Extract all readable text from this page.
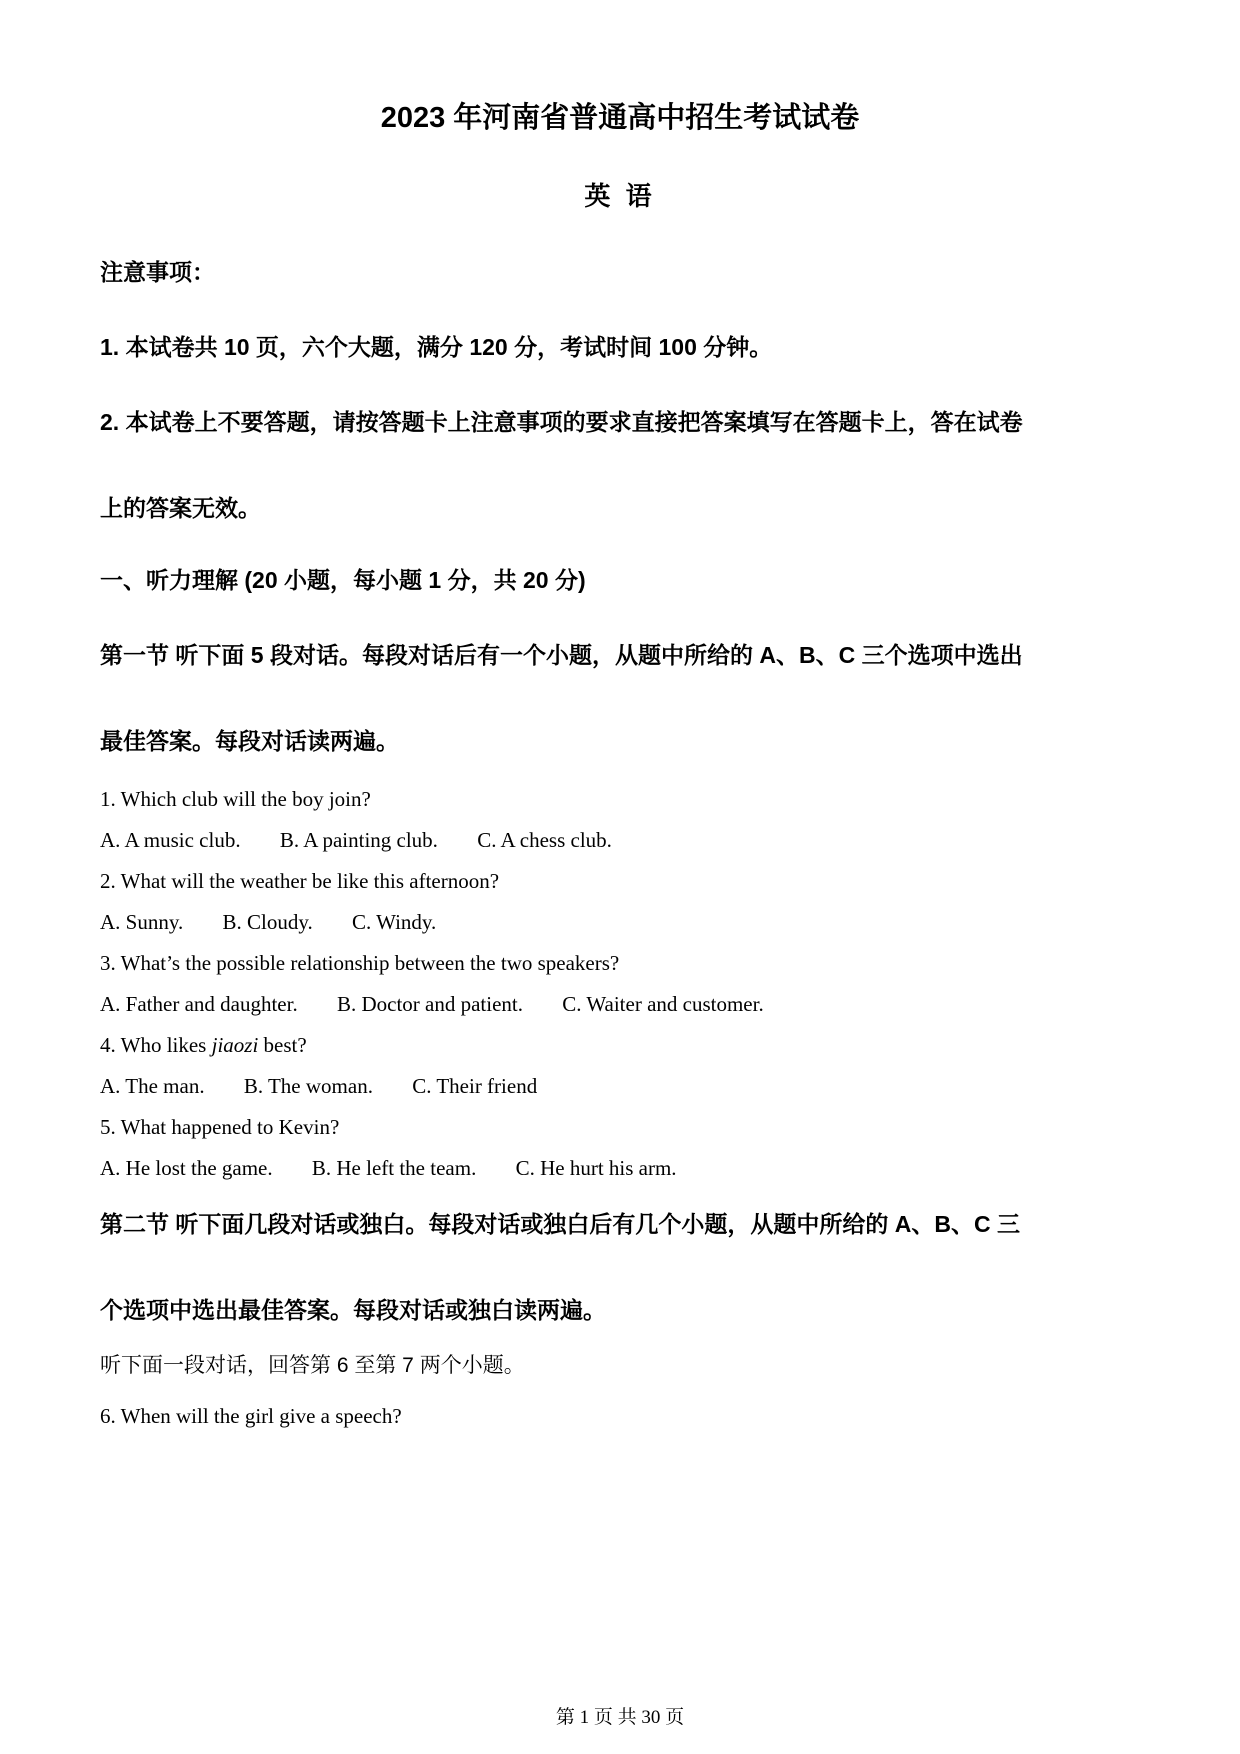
2023 年河南省普通高中招生考试试卷
英 语

注意事项：

1. 本试卷共 10 页，六个大题，满分 120 分，考试时间 100 分钟。

2. 本试卷上不要答题，请按答题卡上注意事项的要求直接把答案填写在答题卡上，答在试卷

上的答案无效。

一、听力理解 (20 小题，每小题 1 分，共 20 分)

第一节 听下面 5 段对话。每段对话后有一个小题，从题中所给的 A、B、C 三个选项中选出

最佳答案。每段对话读两遍。

1. Which club will the boy join?

A. A music club. B. A painting club. C. A chess club.

2. What will the weather be like this afternoon?

A. Sunny. B. Cloudy. C. Windy.

3. What’s the possible relationship between the two speakers?

A. Father and daughter. B. Doctor and patient. C. Waiter and customer.

4. Who likes jiaozi best?

A. The man. B. The woman. C. Their friend

5. What happened to Kevin?

A. He lost the game. B. He left the team. C. He hurt his arm.

第二节 听下面几段对话或独白。每段对话或独白后有几个小题，从题中所给的 A、B、C 三

个选项中选出最佳答案。每段对话或独白读两遍。

听下面一段对话，回答第 6 至第 7 两个小题。

6. When will the girl give a speech?

第 1 页 共 30 页
